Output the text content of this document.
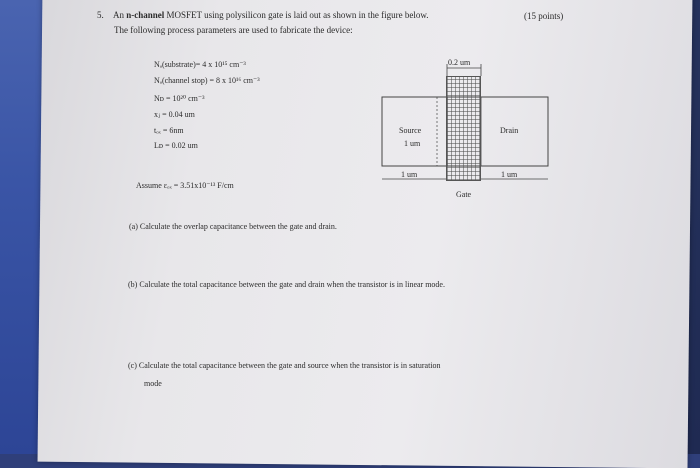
5. An n-channel MOSFET using polysilicon gate is laid out as shown in the figure below.	(15 points)
The following process parameters are used to fabricate the device:
Nₐ(substrate)= 4 x 10¹⁵ cm⁻³
Nₐ(channel stop) = 8 x 10¹⁶ cm⁻³
Nᴅ = 10²⁰ cm⁻³
xⱼ = 0.04 um
tₒₓ = 6nm
Lᴅ = 0.02 um
Assume εₒₓ = 3.51x10⁻¹³ F/cm
0.2 um
Source
1 um
Drain
1 um	1 um
Gate
(a) Calculate the overlap capacitance between the gate and drain.
(b) Calculate the total capacitance between the gate and drain when the transistor is in linear mode.
(c) Calculate the total capacitance between the gate and source when the transistor is in saturation
mode
